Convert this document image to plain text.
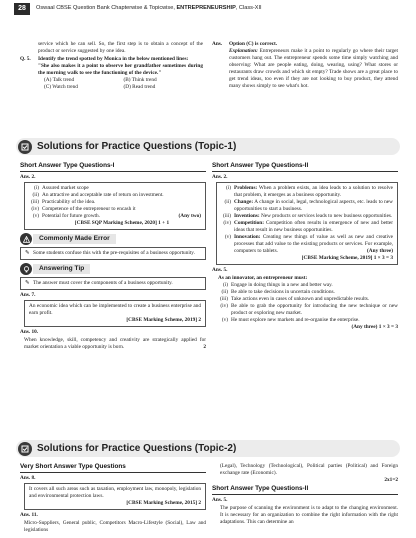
28	Oswaal CBSE Question Bank Chapterwise & Topicwise, ENTREPRENEURSHIP, Class-XII
service which he can sell. So, the first step is to obtain a concept of the product or service suggested by one idea.
Q. 5.	Identify the trend spotted by Monica in the below mentioned lines:
"She also makes it a point to observe her grandfather sometimes during the morning walk to see the functioning of the device."
(A) Talk trend	(B) Think trend
(C) Watch trend	(D) Read trend
Ans.	Option (C) is correct.
Explanation: Entrepreneurs make it a point to regularly go where their target customers hang out. The entrepreneur spends some time simply watching and observing: What are people eating, doing, wearing, using? What stores or restaurants draw crowds and which sit empty? Trade shows are a great place to get trend ideas, too even if they are not looking to buy product, they attend many shows simply to see what's hot.
Solutions for Practice Questions (Topic-1)
Short Answer Type Questions-I
Ans. 2.
(i) Assured market scope
(ii) An attractive and acceptable rate of return on investment.
(iii) Practicability of the idea.
(iv) Competence of the entrepreneur to encash it
(v) Potential for future growth.	(Any two)
[CBSE SQP Marking Scheme, 2020] 1 + 1
Commonly Made Error
✎ Some students confuse this with the pre-requisites of a business opportunity.
Answering Tip
✎ The answer must cover the components of a business opportunity.
Ans. 7.
An economic idea which can be implemented to create a business enterprise and earn profit.
[CBSE Marking Scheme, 2019] 2
Ans. 10.
When knowledge, skill, competency and creativity are strategically applied for market orientation a viable opportunity is born.	2
Short Answer Type Questions-II
Ans. 2.
(i) Problems: When a problem exists, an idea leads to a solution to resolve that problem, it emerges as a business opportunity.
(ii) Change: A change in social, legal, technological aspects, etc. leads to new opportunities to start a business.
(iii) Inventions: New products or services leads to new business opportunities.
(iv) Competition: Competition often results in emergence of new and better ideas that result in new business opportunities.
(v) Innovation: Creating new things of value as well as new and creative processes that add value to the existing products or services. For example, computers to tablets.	(Any three)
[CBSE Marking Scheme, 2019] 1 × 3 = 3
Ans. 5.
As an innovator, an entrepreneur must:
(i) Engage in doing things in a new and better way.
(ii) Be able to take decisions in uncertain conditions.
(iii) Take actions even in cases of unknown and unpredictable results.
(iv) Be able to grab the opportunity for introducing the new technique or new product or exploring new market.
(v) He must explore new markets and re-organise the enterprise.
(Any three) 1 × 3 = 3
Solutions for Practice Questions (Topic-2)
Very Short Answer Type Questions
Ans. 8.
It covers all such areas such as taxation, employment law, monopoly, legislation and environmental protection laws.
[CBSE Marking Scheme, 2015] 2
Ans. 11.
Micro-Suppliers, General public, Competitors Macro-Lifestyle (Social), Law and legislations
(Legal), Technology (Technological), Political parties (Political) and Foreign exchange rate (Economic).
2x1=2
Short Answer Type Questions-II
Ans. 5.
The purpose of scanning the environment is to adapt to the changing environment. It is necessary for an organization to combine the right information with the right adaptations. This can determine an
